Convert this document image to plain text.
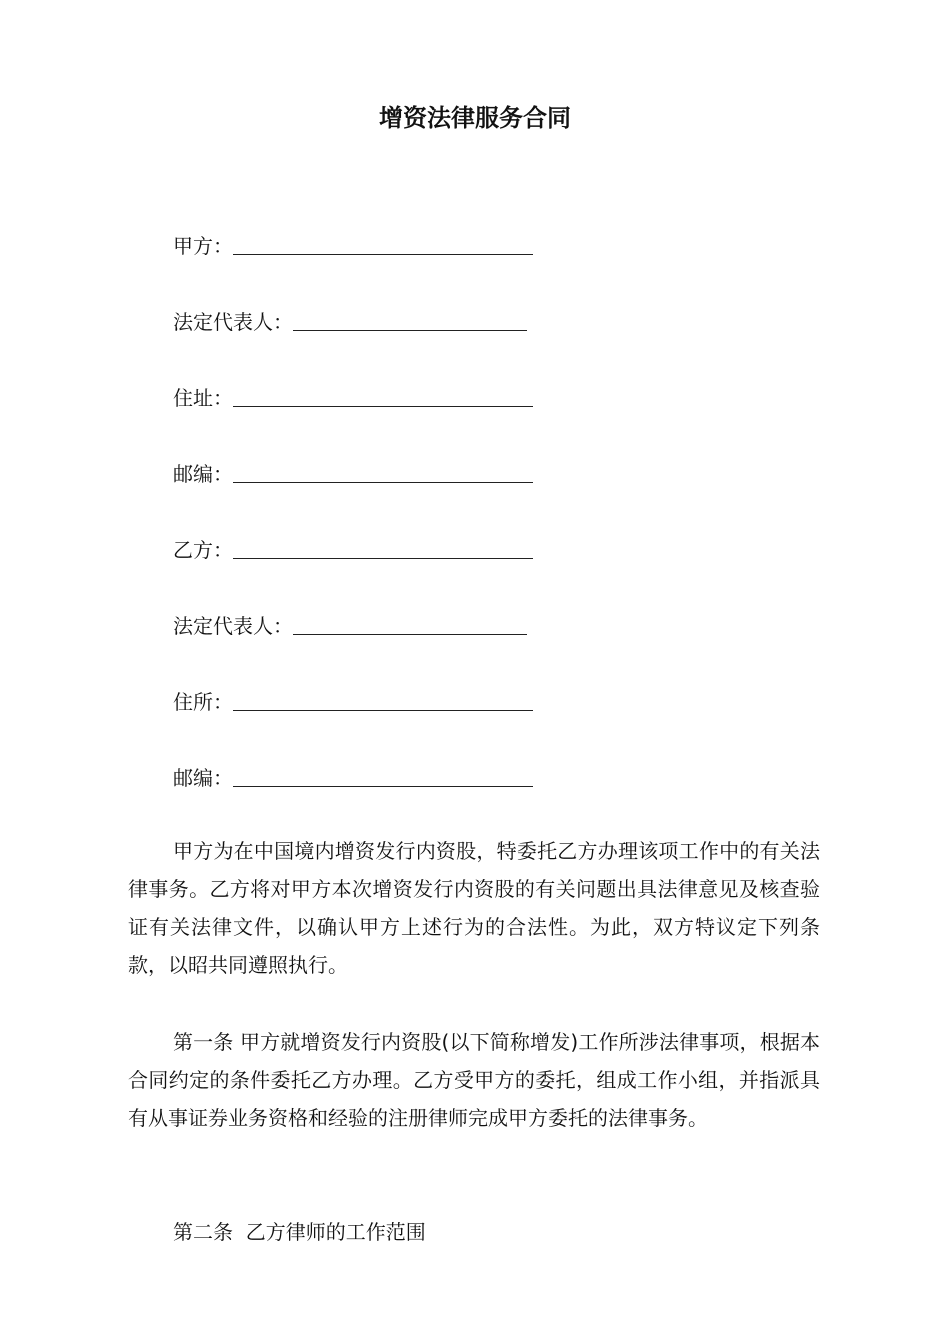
增资法律服务合同
甲方：
法定代表人：
住址：
邮编：
乙方：
法定代表人：
住所：
邮编：

甲方为在中国境内增资发行内资股，特委托乙方办理该项工作中的有关法律事务。乙方将对甲方本次增资发行内资股的有关问题出具法律意见及核查验证有关法律文件，以确认甲方上述行为的合法性。为此，双方特议定下列条款，以昭共同遵照执行。

第一条 甲方就增资发行内资股(以下简称增发)工作所涉法律事项，根据本合同约定的条件委托乙方办理。乙方受甲方的委托，组成工作小组，并指派具有从事证券业务资格和经验的注册律师完成甲方委托的法律事务。

第二条  乙方律师的工作范围
